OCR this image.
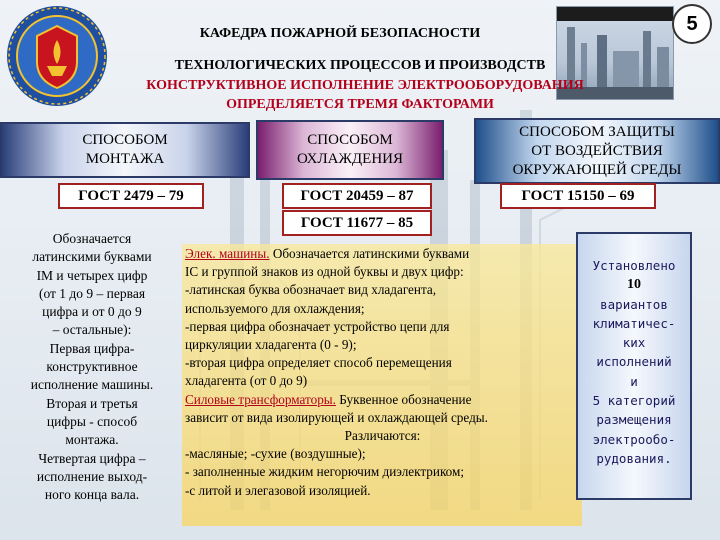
КАФЕДРА ПОЖАРНОЙ БЕЗОПАСНОСТИ	5
ТЕХНОЛОГИЧЕСКИХ ПРОЦЕССОВ И ПРОИЗВОДСТВ
КОНСТРУКТИВНОЕ ИСПОЛНЕНИЕ ЭЛЕКТРООБОРУДОВАНИЯ
ОПРЕДЕЛЯЕТСЯ ТРЕМЯ ФАКТОРАМИ
СПОСОБОМ
МОНТАЖА
СПОСОБОМ
ОХЛАЖДЕНИЯ
СПОСОБОМ ЗАЩИТЫ
ОТ ВОЗДЕЙСТВИЯ
ОКРУЖАЮЩЕЙ СРЕДЫ
ГОСТ 2479 – 79	ГОСТ 20459 – 87
ГОСТ 11677 – 85
ГОСТ 15150 – 69
Обозначается
латинскими буквами
IM и четырех цифр
(от 1 до 9 – первая
цифра и от 0 до 9
– остальные):
Первая цифра-
конструктивное
исполнение машины.
Вторая и третья
цифры - способ
монтажа.
Четвертая цифра –
исполнение выход-
ного конца вала.
Элек. машины. Обозначается латинскими буквами
IC и группой знаков из одной буквы и двух цифр:
-латинская буква обозначает вид хладагента,
используемого для охлаждения;
-первая цифра обозначает устройство цепи для
циркуляции хладагента (0 - 9);
-вторая цифра определяет способ перемещения
хладагента (от 0 до 9)
Силовые трансформаторы. Буквенное обозначение
зависит от вида изолирующей и охлаждающей среды.
Различаются:
-масляные; -сухие (воздушные);
- заполненные жидким негорючим диэлектриком;
-с литой и элегазовой изоляцией.
Установлено
10
вариантов
климатичес-
ких
исполнений
и
5 категорий
размещения
электрообо-
рудования.
